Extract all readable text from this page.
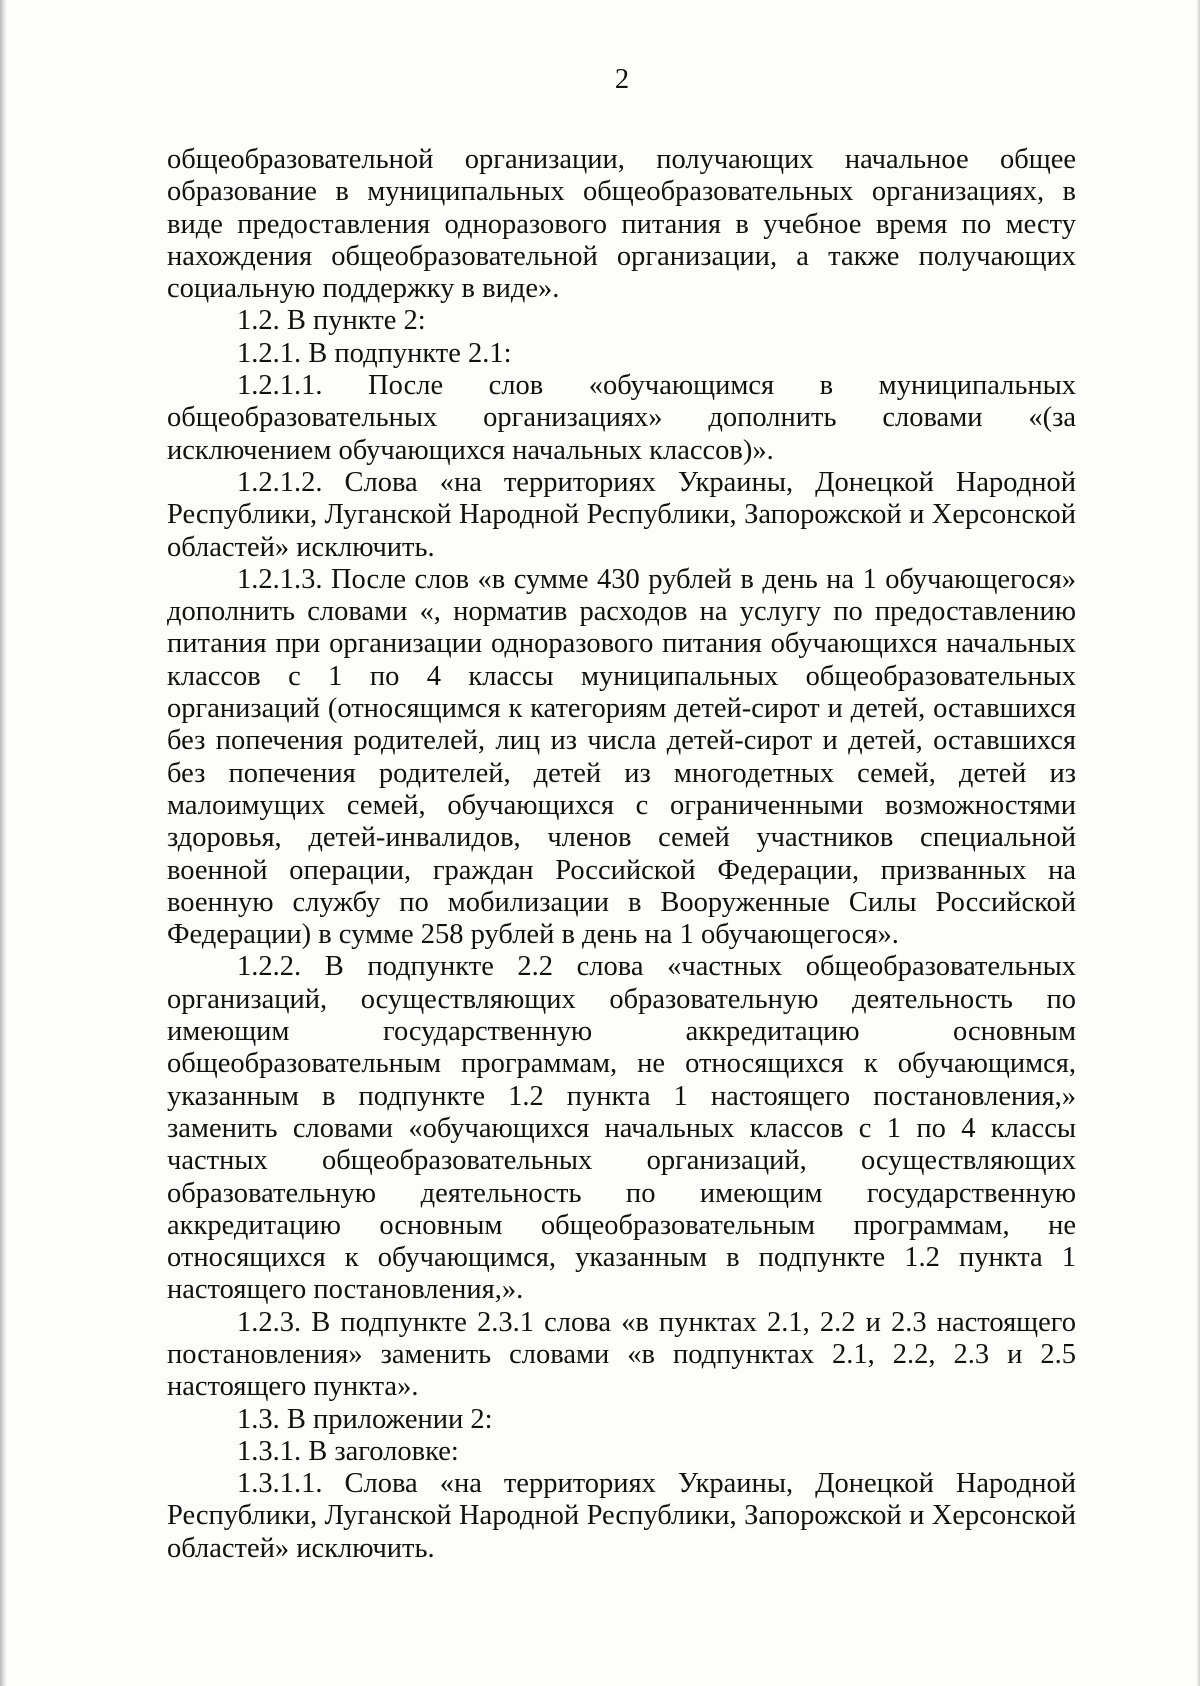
2

общеобразовательной организации, получающих начальное общее образование в муниципальных общеобразовательных организациях, в виде предоставления одноразового питания в учебное время по месту нахождения общеобразовательной организации, а также получающих социальную поддержку в виде».

1.2. В пункте 2:

1.2.1. В подпункте 2.1:

1.2.1.1. После слов «обучающимся в муниципальных общеобразовательных организациях» дополнить словами «(за исключением обучающихся начальных классов)».

1.2.1.2. Слова «на территориях Украины, Донецкой Народной Республики, Луганской Народной Республики, Запорожской и Херсонской областей» исключить.

1.2.1.3. После слов «в сумме 430 рублей в день на 1 обучающегося» дополнить словами «, норматив расходов на услугу по предоставлению питания при организации одноразового питания обучающихся начальных классов с 1 по 4 классы муниципальных общеобразовательных организаций (относящимся к категориям детей-сирот и детей, оставшихся без попечения родителей, лиц из числа детей-сирот и детей, оставшихся без попечения родителей, детей из многодетных семей, детей из малоимущих семей, обучающихся с ограниченными возможностями здоровья, детей-инвалидов, членов семей участников специальной военной операции, граждан Российской Федерации, призванных на военную службу по мобилизации в Вооруженные Силы Российской Федерации) в сумме 258 рублей в день на 1 обучающегося».

1.2.2. В подпункте 2.2 слова «частных общеобразовательных организаций, осуществляющих образовательную деятельность по имеющим государственную аккредитацию основным общеобразовательным программам, не относящихся к обучающимся, указанным в подпункте 1.2 пункта 1 настоящего постановления,» заменить словами «обучающихся начальных классов с 1 по 4 классы частных общеобразовательных организаций, осуществляющих образовательную деятельность по имеющим государственную аккредитацию основным общеобразовательным программам, не относящихся к обучающимся, указанным в подпункте 1.2 пункта 1 настоящего постановления,».

1.2.3. В подпункте 2.3.1 слова «в пунктах 2.1, 2.2 и 2.3 настоящего постановления» заменить словами «в подпунктах 2.1, 2.2, 2.3 и 2.5 настоящего пункта».

1.3. В приложении 2:

1.3.1. В заголовке:

1.3.1.1. Слова «на территориях Украины, Донецкой Народной Республики, Луганской Народной Республики, Запорожской и Херсонской областей» исключить.
